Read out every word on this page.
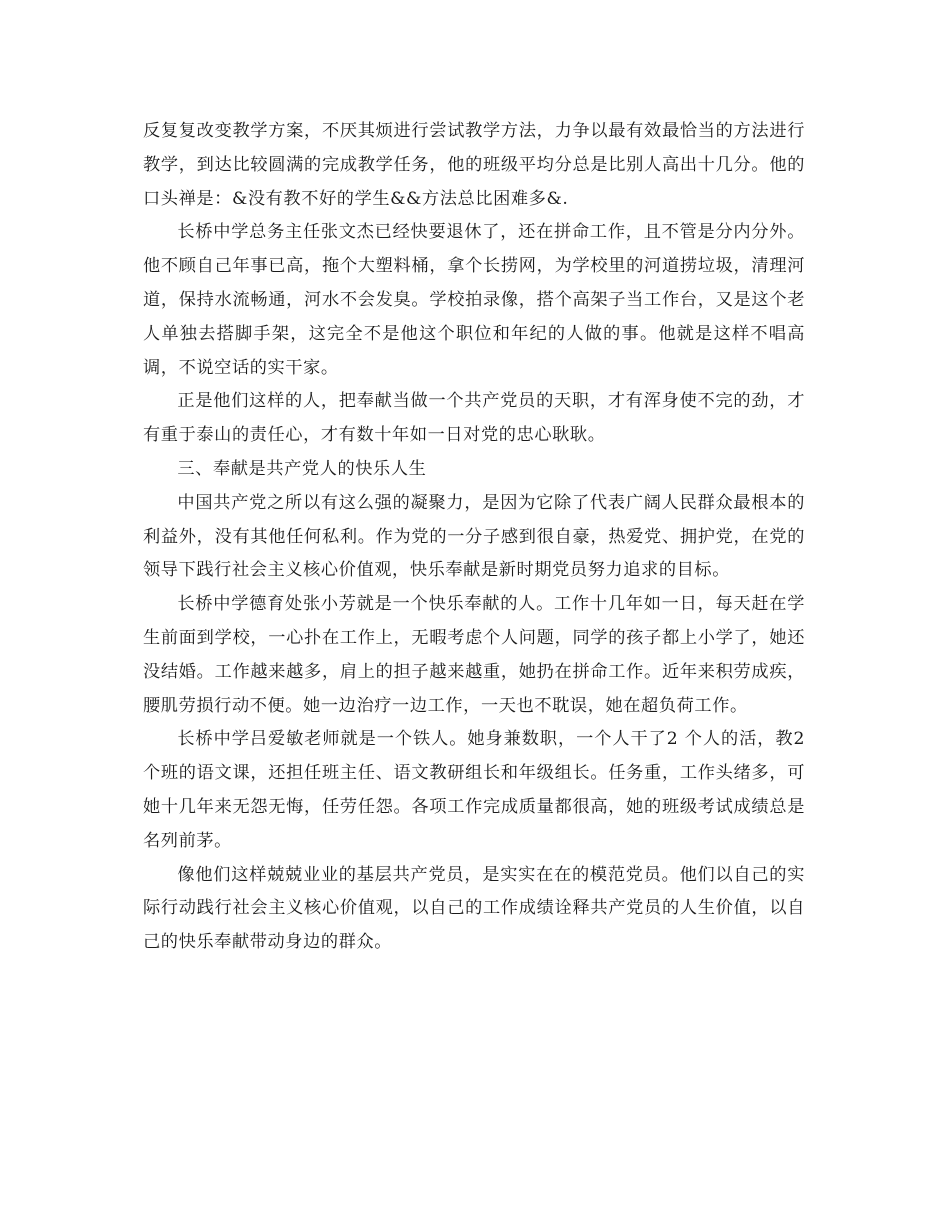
反复复改变教学方案，不厌其烦进行尝试教学方法，力争以最有效最恰当的方法进行教学，到达比较圆满的完成教学任务，他的班级平均分总是比别人高出十几分。他的口头禅是：&没有教不好的学生&&方法总比困难多&.

长桥中学总务主任张文杰已经快要退休了，还在拼命工作，且不管是分内分外。他不顾自己年事已高，拖个大塑料桶，拿个长捞网，为学校里的河道捞垃圾，清理河道，保持水流畅通，河水不会发臭。学校拍录像，搭个高架子当工作台，又是这个老人单独去搭脚手架，这完全不是他这个职位和年纪的人做的事。他就是这样不唱高调，不说空话的实干家。

正是他们这样的人，把奉献当做一个共产党员的天职，才有浑身使不完的劲，才有重于泰山的责任心，才有数十年如一日对党的忠心耿耿。

三、奉献是共产党人的快乐人生

中国共产党之所以有这么强的凝聚力，是因为它除了代表广阔人民群众最根本的利益外，没有其他任何私利。作为党的一分子感到很自豪，热爱党、拥护党，在党的领导下践行社会主义核心价值观，快乐奉献是新时期党员努力追求的目标。

长桥中学德育处张小芳就是一个快乐奉献的人。工作十几年如一日，每天赶在学生前面到学校，一心扑在工作上，无暇考虑个人问题，同学的孩子都上小学了，她还没结婚。工作越来越多，肩上的担子越来越重，她扔在拼命工作。近年来积劳成疾，腰肌劳损行动不便。她一边治疗一边工作，一天也不耽误，她在超负荷工作。

长桥中学吕爱敏老师就是一个铁人。她身兼数职，一个人干了2 个人的活，教2 个班的语文课，还担任班主任、语文教研组长和年级组长。任务重，工作头绪多，可她十几年来无怨无悔，任劳任怨。各项工作完成质量都很高，她的班级考试成绩总是名列前茅。

像他们这样兢兢业业的基层共产党员，是实实在在的模范党员。他们以自己的实际行动践行社会主义核心价值观，以自己的工作成绩诠释共产党员的人生价值，以自己的快乐奉献带动身边的群众。
